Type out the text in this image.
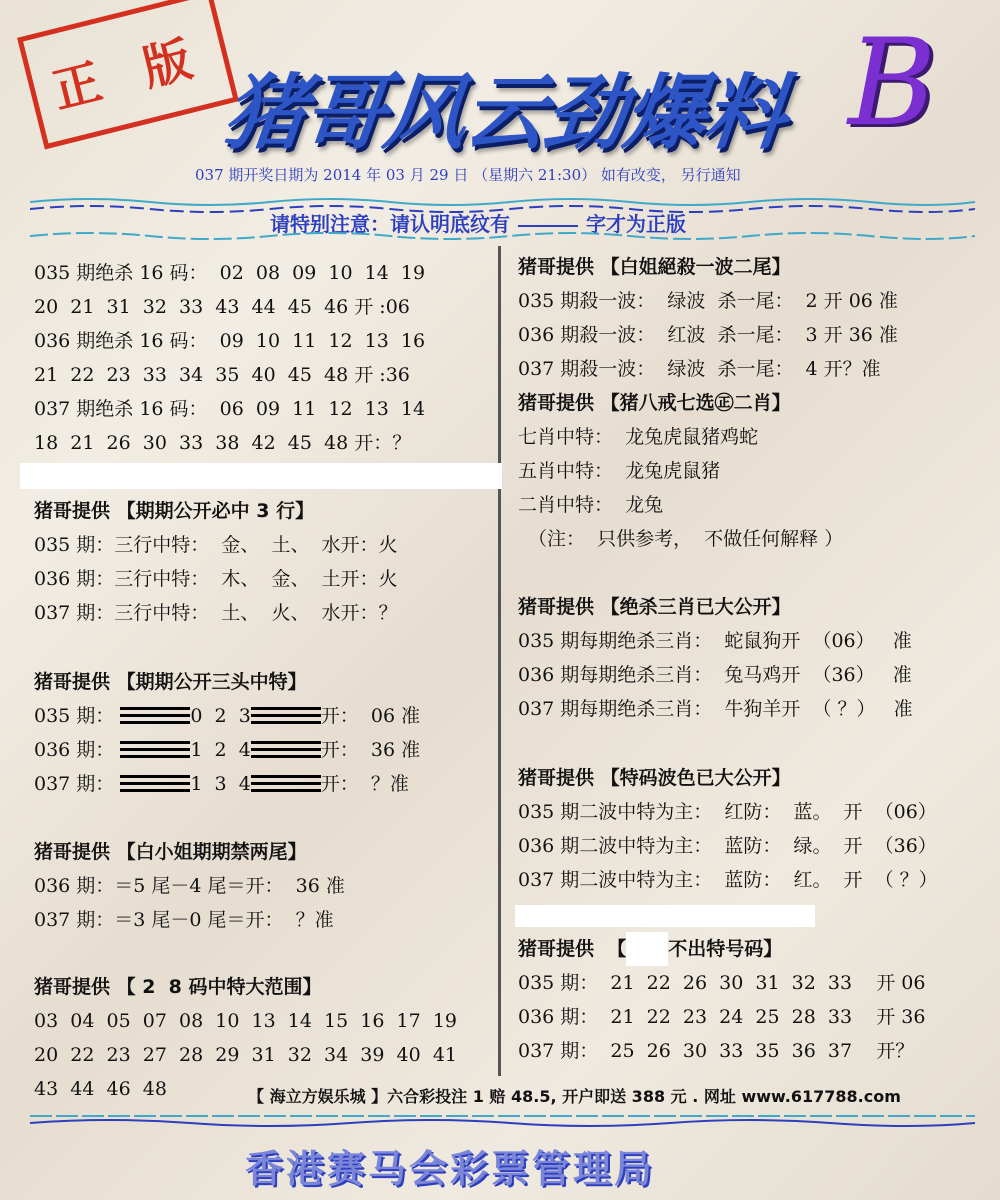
正 版 猪哥风云劲爆料 B
037 期开奖日期为 2014 年 03 月 29 日 （星期六 21:30） 如有改变， 另行通知
请特别注意：请认明底纹有	字才为正版
035 期绝杀 16 码：  02  08  09  10  14  19
20  21  31  32  33  43  44  45  46 开 :06
036 期绝杀 16 码：  09  10  11  12  13  16
21  22  23  33  34  35  40  45  48 开 :36
037 期绝杀 16 码：  06  09  11  12  13  14
18  21  26  30  33  38  42  45  48 开：？
猪哥提供 【期期公开必中 3 行】
035 期：三行中特：  金、  土、  水开：火
036 期：三行中特：  木、  金、  土开：火
037 期：三行中特：  土、  火、  水开：？
猪哥提供 【期期公开三头中特】
035 期：	0  2  3	开：  06 准
036 期：	1  2  4	开：  36 准
037 期：	1  3  4	开：  ？准
猪哥提供 【白小姐期期禁两尾】
036 期：＝5 尾－4 尾＝开：  36 准
037 期：＝3 尾－0 尾＝开：  ？准
猪哥提供 【 2  8 码中特大范围】
03  04  05  07  08  10  13  14  15  16  17  19
20  22  23  27  28  29  31  32  34  39  40  41
43  44  46  48
猪哥提供 【白姐絕殺一波二尾】
035 期殺一波：  绿波  杀一尾：  2 开 06 准
036 期殺一波：  红波  杀一尾：  3 开 36 准
037 期殺一波：  绿波  杀一尾：  4 开？准
猪哥提供 【猪八戒七选㊣二肖】
七肖中特：  龙兔虎鼠猪鸡蛇
五肖中特：  龙兔虎鼠猪
二肖中特：  龙兔
（注：  只供参考，  不做任何解释 ）
猪哥提供 【绝杀三肖已大公开】
035 期每期绝杀三肖：  蛇鼠狗开  （06）   准
036 期每期绝杀三肖：  兔马鸡开  （36）   准
037 期每期绝杀三肖：  牛狗羊开  （ ？）   准
猪哥提供 【特码波色已大公开】
035 期二波中特为主：  红防：  蓝。  开  （06）
036 期二波中特为主：  蓝防：  绿。  开  （36）
037 期二波中特为主：  蓝防：  红。  开  （ ？）
猪哥提供  【 不出特号码】
035 期：  21  22  26  30  31  32  33    开 06
036 期：  21  22  23  24  25  28  33    开 36
037 期：  25  26  30  33  35  36  37    开？
【 海立方娱乐城 】六合彩投注 1 赔 48.5, 开户即送 388 元 . 网址 www.617788.com
香港赛马会彩票管理局
